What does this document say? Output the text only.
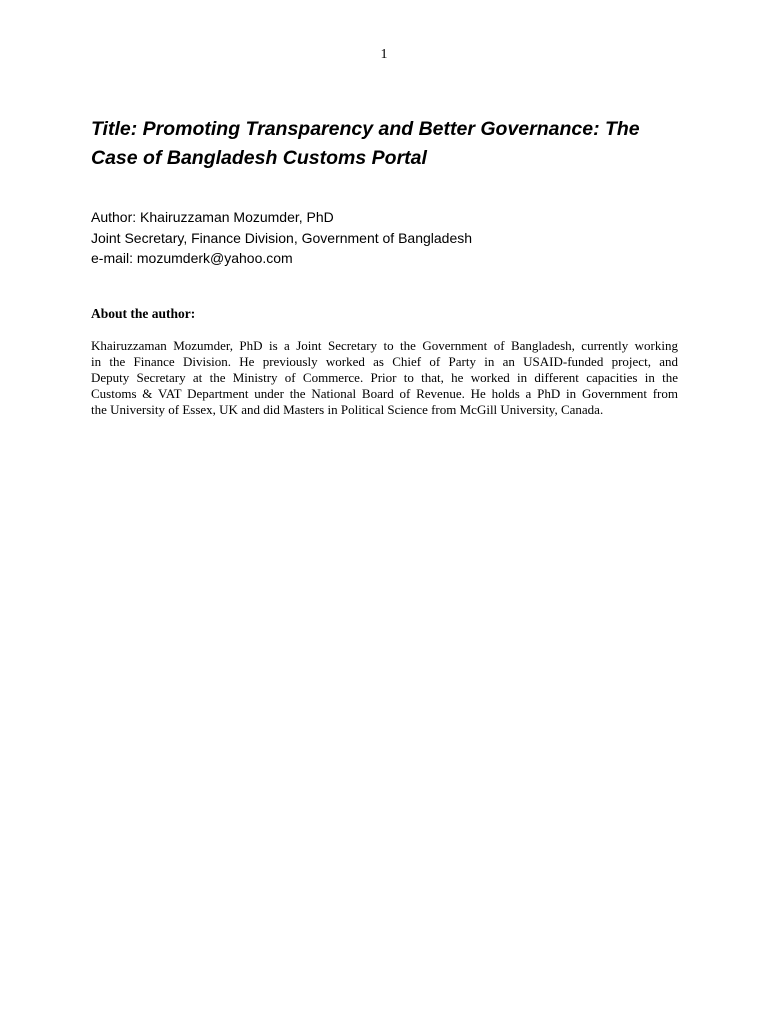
1
Title: Promoting Transparency and Better Governance: The
Case of Bangladesh Customs Portal
Author: Khairuzzaman Mozumder, PhD
Joint Secretary, Finance Division, Government of Bangladesh
e-mail: mozumderk@yahoo.com
About the author:
Khairuzzaman Mozumder, PhD is a Joint Secretary to the Government of Bangladesh, currently working
in the Finance Division. He previously worked as Chief of Party in an USAID-funded project, and
Deputy Secretary at the Ministry of Commerce. Prior to that, he worked in different capacities in the
Customs & VAT Department under the National Board of Revenue. He holds a PhD in Government from
the University of Essex, UK and did Masters in Political Science from McGill University, Canada.
